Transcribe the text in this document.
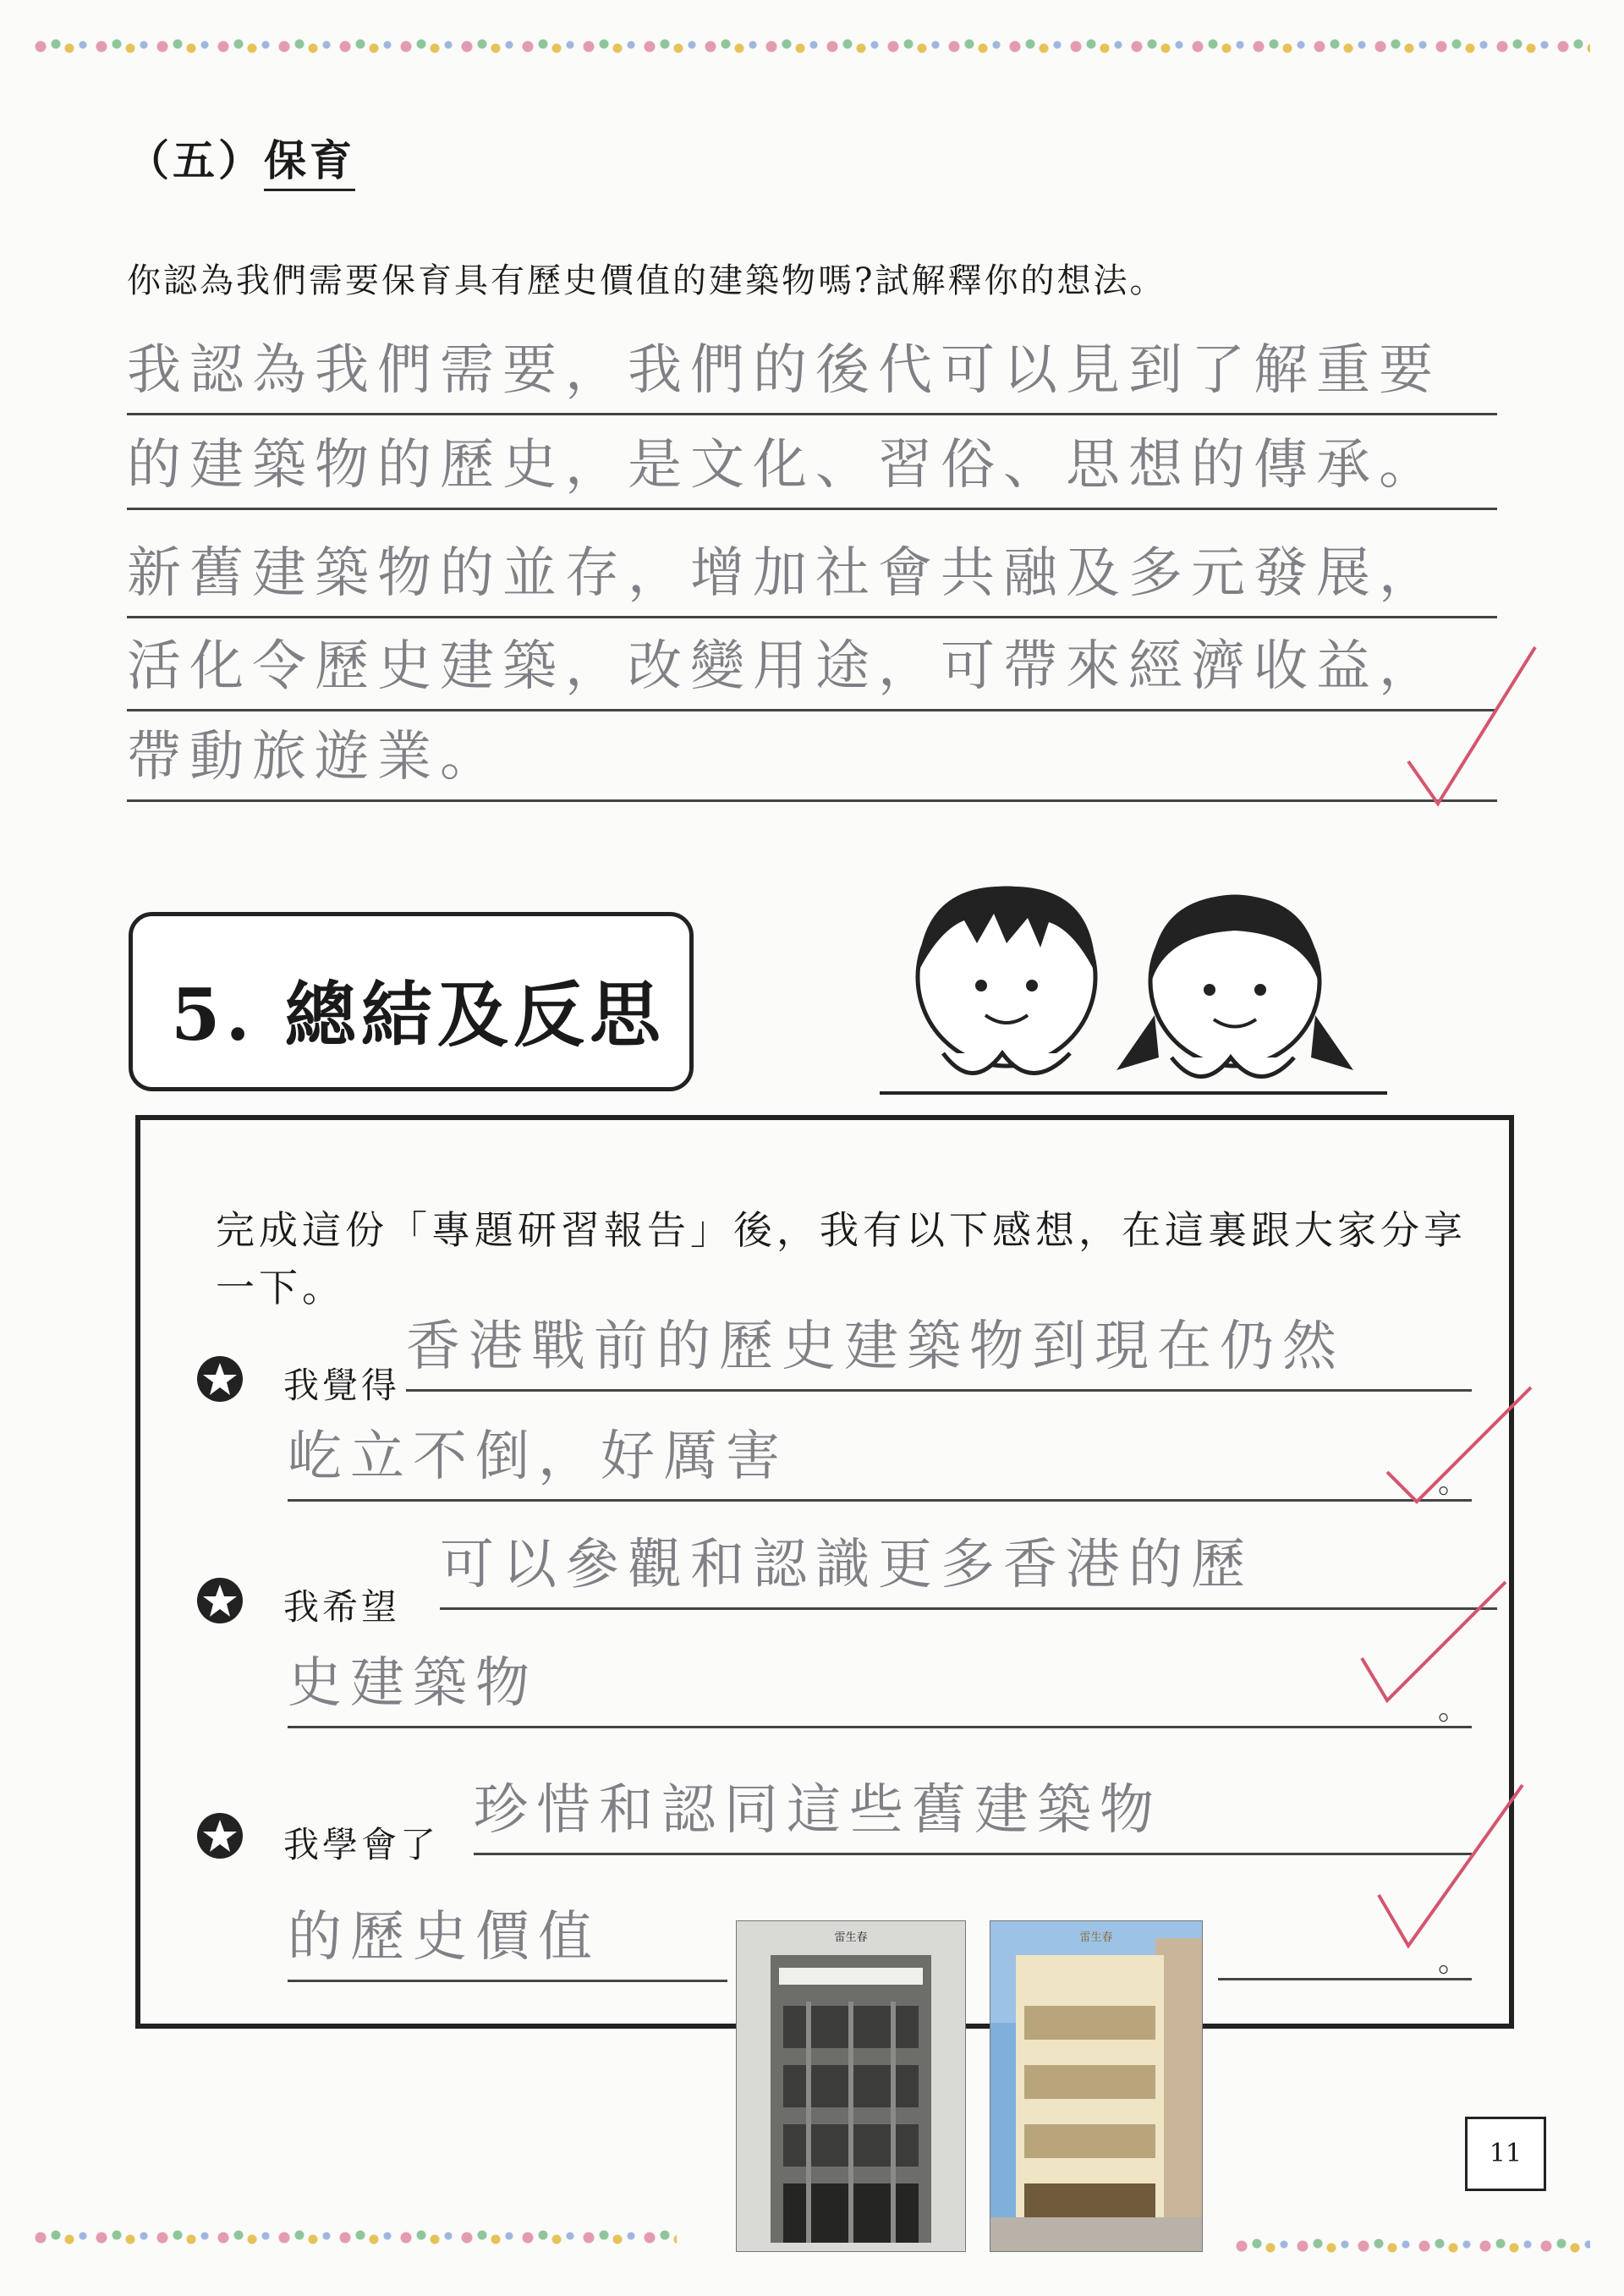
（五）保育
你認為我們需要保育具有歷史價值的建築物嗎?試解釋你的想法。
我認為我們需要，我們的後代可以見到了解重要
的建築物的歷史，是文化、習俗、思想的傳承。
新舊建築物的並存，增加社會共融及多元發展，
活化令歷史建築，改變用途，可帶來經濟收益，
帶動旅遊業。
5. 總結及反思
完成這份「專題研習報告」後，我有以下感想，在這裏跟大家分享一下。
我覺得
香港戰前的歷史建築物到現在仍然
屹立不倒，好厲害	。
我希望
可以參觀和認識更多香港的歷
史建築物	。
我學會了
珍惜和認同這些舊建築物
的歷史價值	。
雷生春	雷生春
11
